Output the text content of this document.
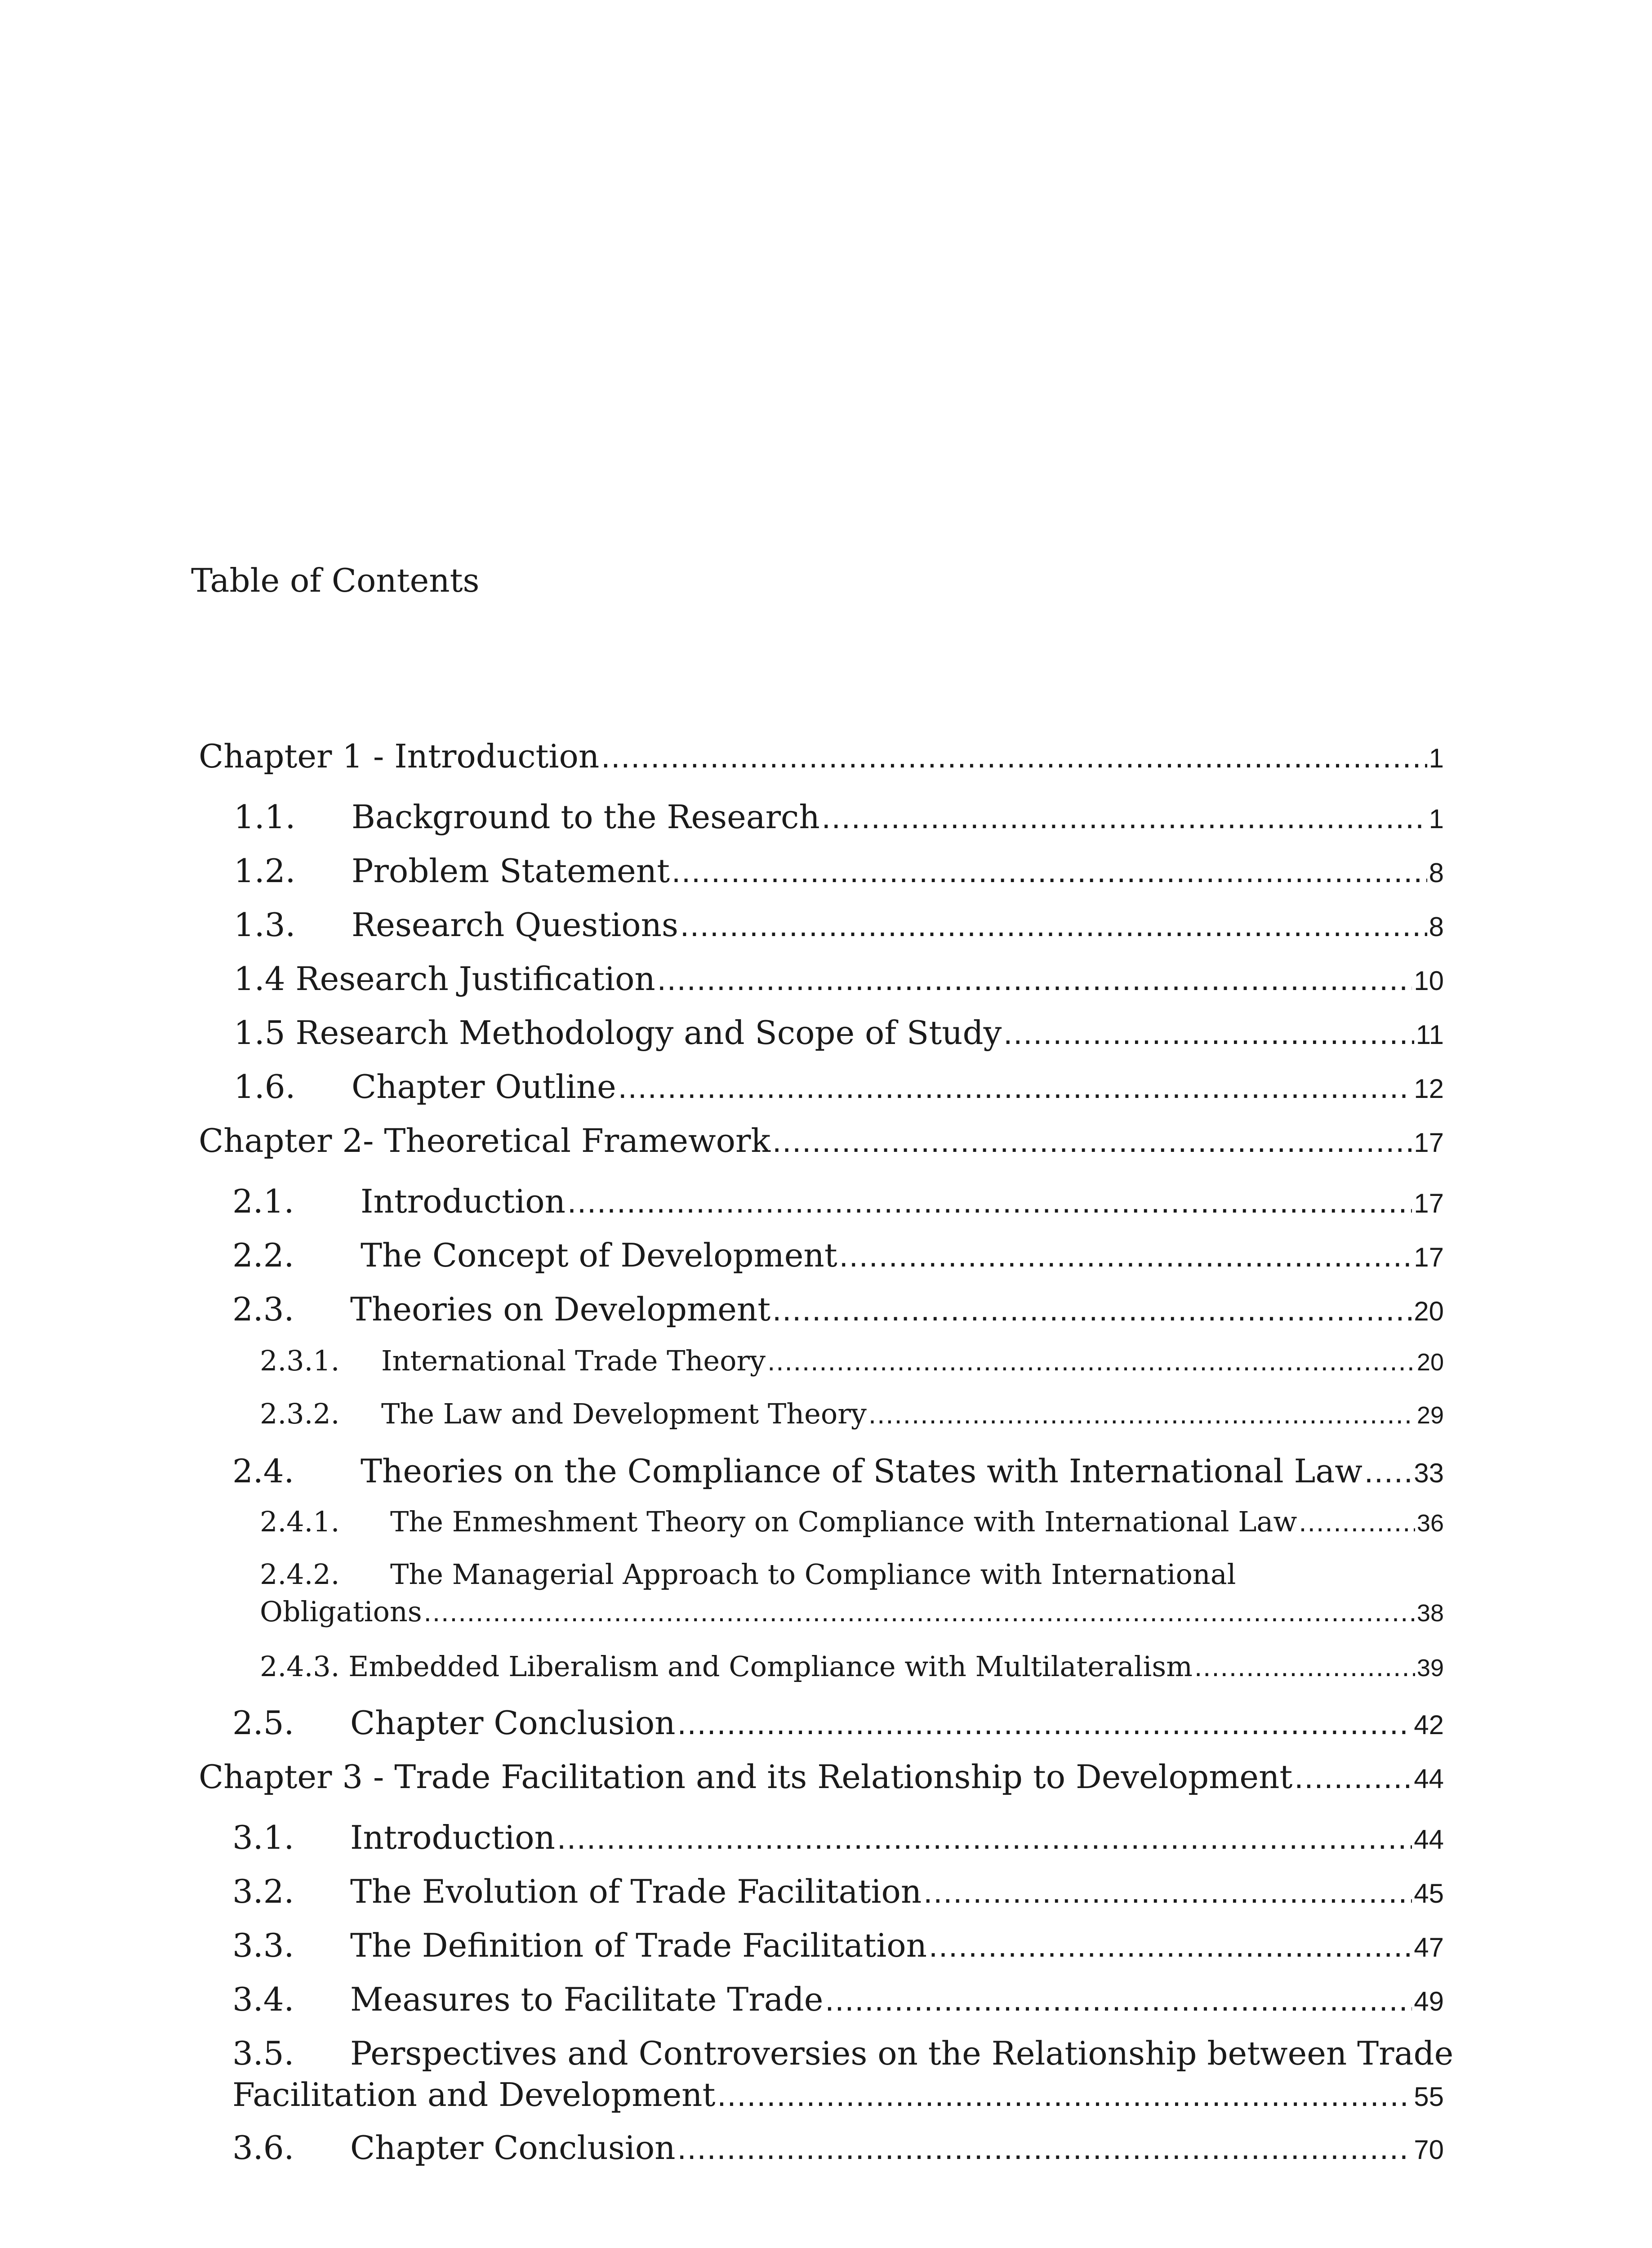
Table of Contents
Chapter 1 - Introduction .....	1
1.1.	Background to the Research .....	1
1.2.	Problem Statement .....	8
1.3.	Research Questions .....	8
1.4 Research Justification .....	10
1.5 Research Methodology and Scope of Study .....	11
1.6.	Chapter Outline .....	12
Chapter 2- Theoretical Framework .....	17
2.1.	Introduction .....	17
2.2.	The Concept of Development .....	17
2.3.	Theories on Development .....	20
2.3.1.	International Trade Theory .....	20
2.3.2.	The Law and Development Theory .....	29
2.4.	Theories on the Compliance of States with International Law ..... 33
2.4.1.	The Enmeshment Theory on Compliance with International Law .....	36
2.4.2.	The Managerial Approach to Compliance with International
Obligations .....	38
2.4.3. Embedded Liberalism and Compliance with Multilateralism .....	39
2.5.	Chapter Conclusion .....	42
Chapter 3 - Trade Facilitation and its Relationship to Development .....	44
3.1.	Introduction .....	44
3.2.	The Evolution of Trade Facilitation .....	45
3.3.	The Definition of Trade Facilitation .....	47
3.4.	Measures to Facilitate Trade .....	49
3.5.	Perspectives and Controversies on the Relationship between Trade
Facilitation and Development .....	55
3.6.	Chapter Conclusion .....	70
